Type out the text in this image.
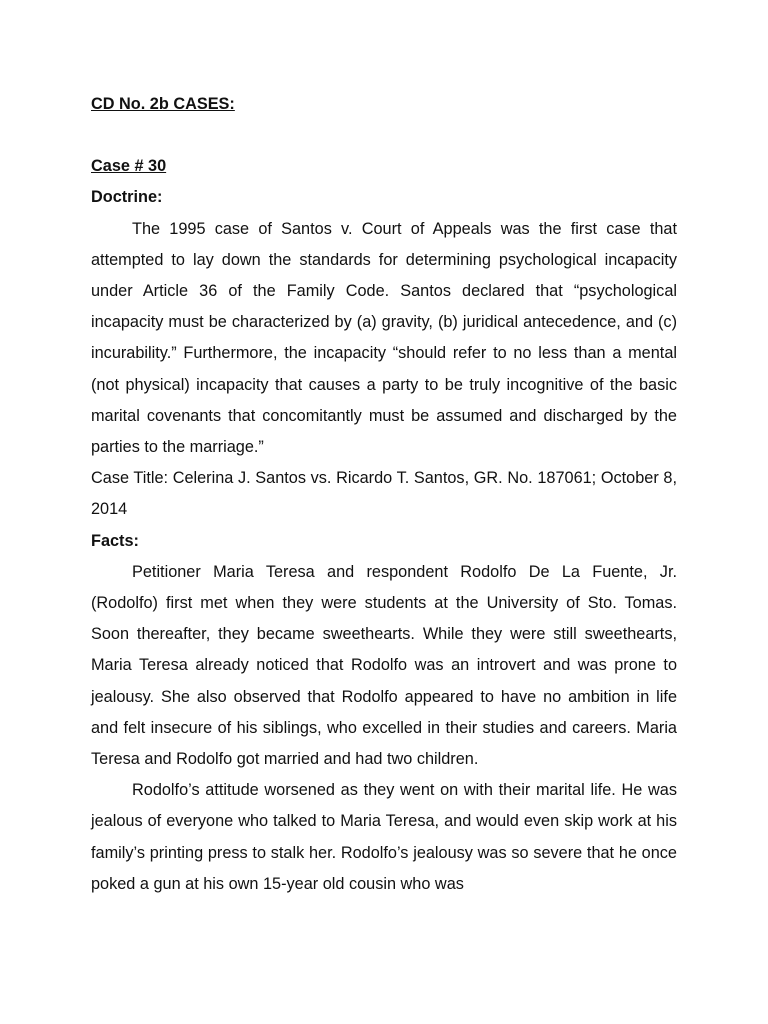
CD No. 2b CASES:
Case # 30
Doctrine:

The 1995 case of Santos v. Court of Appeals was the first case that attempted to lay down the standards for determining psychological incapacity under Article 36 of the Family Code. Santos declared that “psychological incapacity must be characterized by (a) gravity, (b) juridical antecedence, and (c) incurability.” Furthermore, the incapacity “should refer to no less than a mental (not physical) incapacity that causes a party to be truly incognitive of the basic marital covenants that concomitantly must be assumed and discharged by the parties to the marriage.”

Case Title: Celerina J. Santos vs. Ricardo T. Santos, GR. No. 187061; October 8, 2014

Facts:

Petitioner Maria Teresa and respondent Rodolfo De La Fuente, Jr. (Rodolfo) first met when they were students at the University of Sto. Tomas. Soon thereafter, they became sweethearts. While they were still sweethearts, Maria Teresa already noticed that Rodolfo was an introvert and was prone to jealousy. She also observed that Rodolfo appeared to have no ambition in life and felt insecure of his siblings, who excelled in their studies and careers. Maria Teresa and Rodolfo got married and had two children.

Rodolfo’s attitude worsened as they went on with their marital life. He was jealous of everyone who talked to Maria Teresa, and would even skip work at his family’s printing press to stalk her. Rodolfo’s jealousy was so severe that he once poked a gun at his own 15-year old cousin who was
